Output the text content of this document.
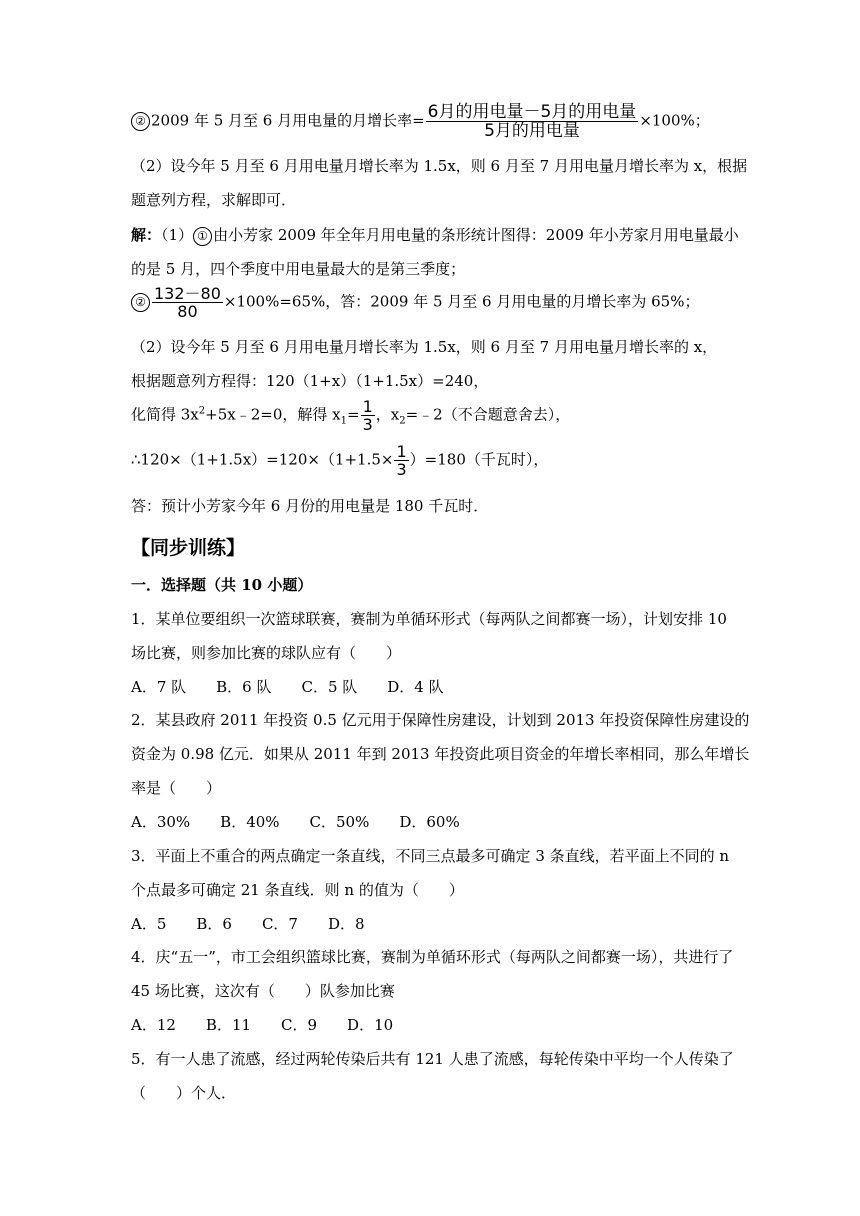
② 2009 年 5 月至 6 月用电量的月增长率= $\frac{\text{6月的用电量－5月的用电量}}{\text{5月的用电量}} \times 100\%$；
（2）设今年 5 月至 6 月用电量月增长率为 1.5x，则 6 月至 7 月用电量月增长率为 x，根据
题意列方程，求解即可．
解：（1） ① 由小芳家 2009 年全年月用电量的条形统计图得：2009 年小芳家月用电量最小
的是 5 月，四个季度中用电量最大的是第三季度；
② $\frac{132-80}{80} \times 100\%=65\%$，答：2009 年 5 月至 6 月用电量的月增长率为 65%；
（2）设今年 5 月至 6 月用电量月增长率为 1.5x，则 6 月至 7 月用电量月增长率的 x，
根据题意列方程得：120（1+x）（1+1.5x）=240，
化简得 $3x^2+5x﹣2=0$，解得 $x_1= \frac{1}{3}$ ，$x_2=﹣2$（不合题意舍去），
∴120×（1+1.5x）=120×（1+1.5× $\frac{1}{3} )=180$（千瓦时），
答：预计小芳家今年 6 月份的用电量是 180 千瓦时．
【同步训练】
一．选择题（共 10 小题）
1．某单位要组织一次篮球联赛，赛制为单循环形式（每两队之间都赛一场），计划安排 10
场比赛，则参加比赛的球队应有（　　）
A．7 队　　B．6 队　　C．5 队　　D．4 队
2．某县政府 2011 年投资 0.5 亿元用于保障性房建设，计划到 2013 年投资保障性房建设的
资金为 0.98 亿元．如果从 2011 年到 2013 年投资此项目资金的年增长率相同，那么年增长
率是（　　）
A．30%　　B．40%　　C．50%　　D．60%
3．平面上不重合的两点确定一条直线，不同三点最多可确定 3 条直线，若平面上不同的 n
个点最多可确定 21 条直线．则 n 的值为（　　）
A．5　　B．6　　C．7　　D．8
4．庆“五一”，市工会组织篮球比赛，赛制为单循环形式（每两队之间都赛一场），共进行了
45 场比赛，这次有（　　）队参加比赛
A．12　　B．11　　C．9　　D．10
5．有一人患了流感，经过两轮传染后共有 121 人患了流感，每轮传染中平均一个人传染了
（　　）个人．
